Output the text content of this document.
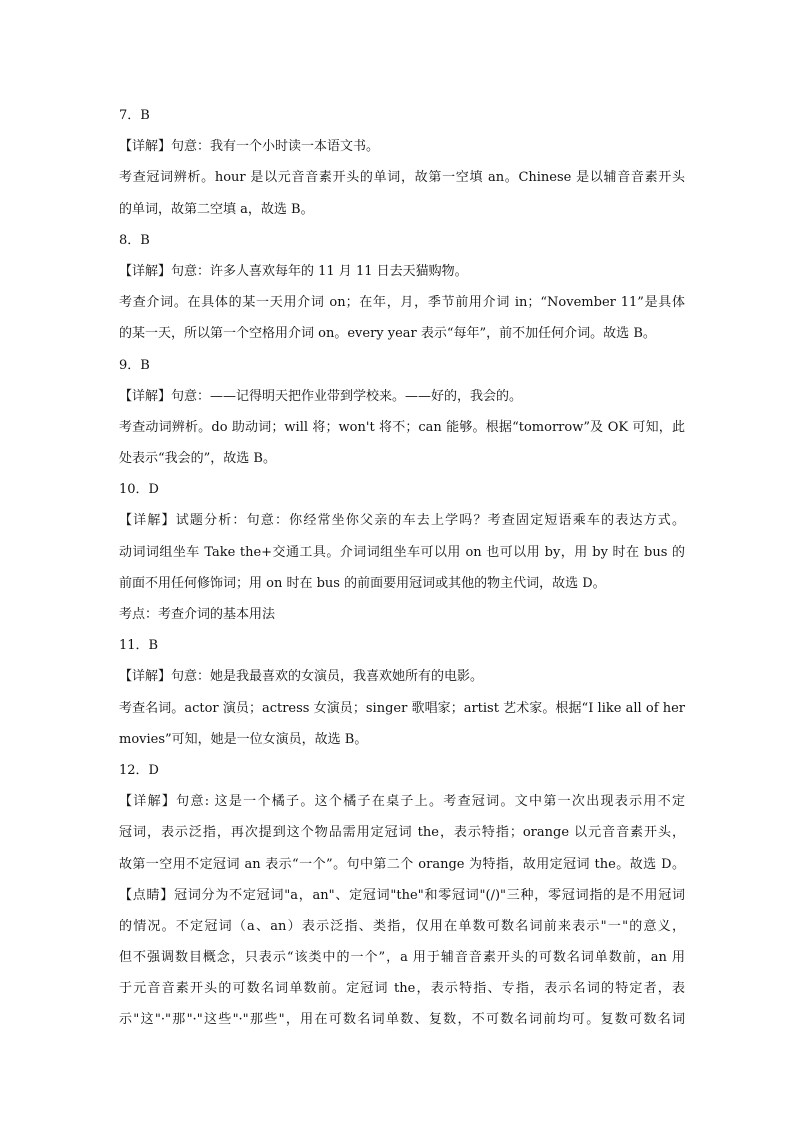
7．B
【详解】句意：我有一个小时读一本语文书。
考查冠词辨析。hour 是以元音音素开头的单词，故第一空填 an。Chinese 是以辅音音素开头
的单词，故第二空填 a，故选 B。
8．B
【详解】句意：许多人喜欢每年的 11 月 11 日去天猫购物。
考查介词。在具体的某一天用介词 on；在年，月，季节前用介词 in；“November 11”是具体
的某一天，所以第一个空格用介词 on。every year 表示“每年”，前不加任何介词。故选 B。
9．B
【详解】句意：——记得明天把作业带到学校来。——好的，我会的。
考查动词辨析。do 助动词；will 将；won't 将不；can 能够。根据“tomorrow”及 OK 可知，此
处表示“我会的”，故选 B。
10．D
【详解】试题分析：句意：你经常坐你父亲的车去上学吗？考查固定短语乘车的表达方式。
动词词组坐车 Take the+交通工具。介词词组坐车可以用 on 也可以用 by，用 by 时在 bus 的
前面不用任何修饰词；用 on 时在 bus 的前面要用冠词或其他的物主代词，故选 D。
考点：考查介词的基本用法
11．B
【详解】句意：她是我最喜欢的女演员，我喜欢她所有的电影。
考查名词。actor 演员；actress 女演员；singer 歌唱家；artist 艺术家。根据“I like all of her
movies”可知，她是一位女演员，故选 B。
12．D
【详解】句意: 这是一个橘子。这个橘子在桌子上。考查冠词。文中第一次出现表示用不定
冠词，表示泛指，再次提到这个物品需用定冠词 the，表示特指；orange 以元音音素开头，
故第一空用不定冠词 an 表示“一个”。句中第二个 orange 为特指，故用定冠词 the。故选 D。
【点睛】冠词分为不定冠词"a，an"、定冠词"the"和零冠词"(/)"三种，零冠词指的是不用冠词
的情况。不定冠词（a、an）表示泛指、类指，仅用在单数可数名词前来表示"一"的意义，
但不强调数目概念，只表示“该类中的一个”，a 用于辅音音素开头的可数名词单数前，an 用
于元音音素开头的可数名词单数前。定冠词 the，表示特指、专指，表示名词的特定者，表
示"这"·"那"·"这些"·"那些"，用在可数名词单数、复数，不可数名词前均可。复数可数名词
